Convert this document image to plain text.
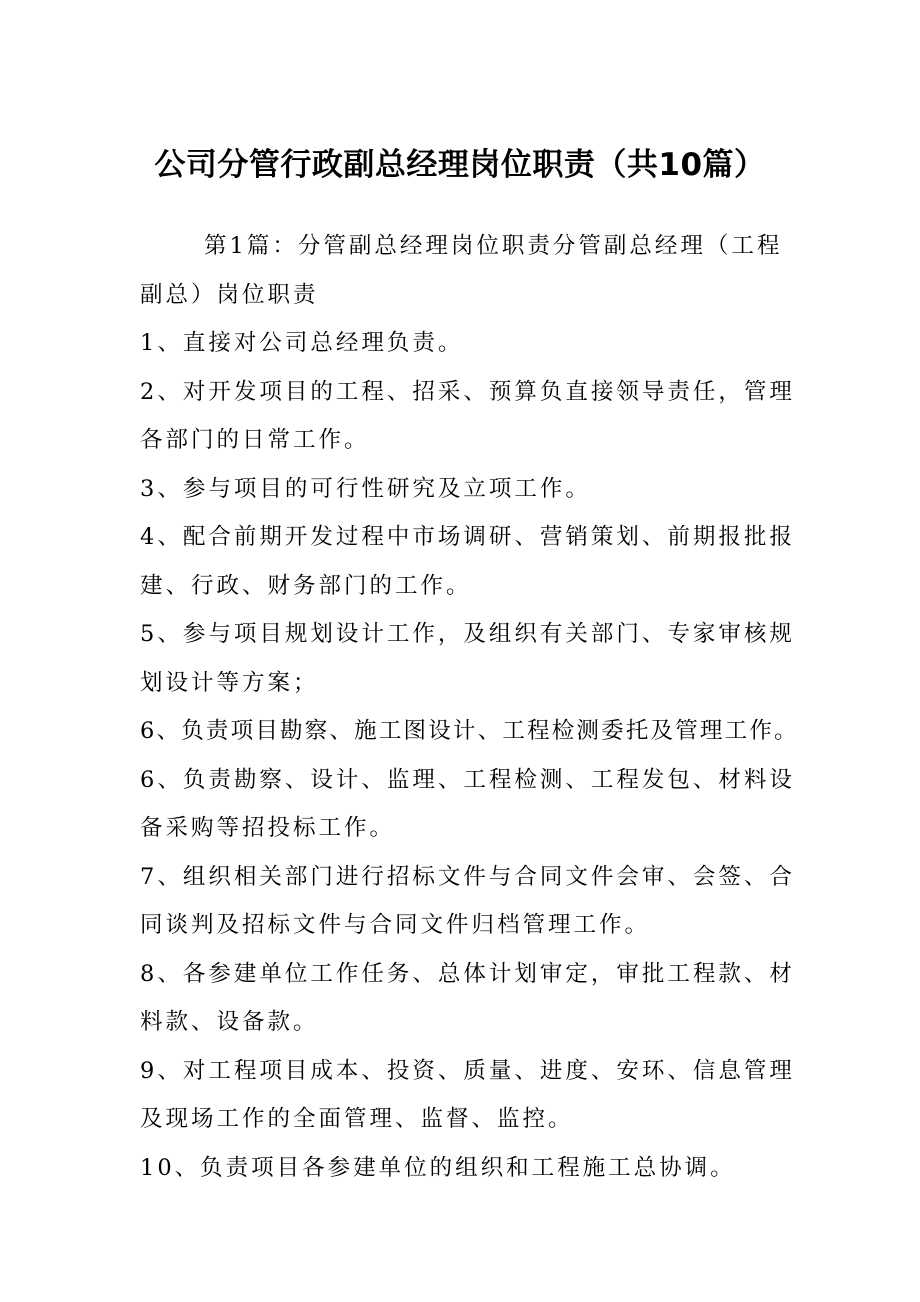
公司分管行政副总经理岗位职责（共10篇）

第1篇：分管副总经理岗位职责分管副总经理（工程副总）岗位职责

1、直接对公司总经理负责。

2、对开发项目的工程、招采、预算负直接领导责任，管理各部门的日常工作。

3、参与项目的可行性研究及立项工作。

4、配合前期开发过程中市场调研、营销策划、前期报批报建、行政、财务部门的工作。

5、参与项目规划设计工作，及组织有关部门、专家审核规划设计等方案；

6、负责项目勘察、施工图设计、工程检测委托及管理工作。

6、负责勘察、设计、监理、工程检测、工程发包、材料设备采购等招投标工作。

7、组织相关部门进行招标文件与合同文件会审、会签、合同谈判及招标文件与合同文件归档管理工作。

8、各参建单位工作任务、总体计划审定，审批工程款、材料款、设备款。

9、对工程项目成本、投资、质量、进度、安环、信息管理及现场工作的全面管理、监督、监控。

10、负责项目各参建单位的组织和工程施工总协调。
